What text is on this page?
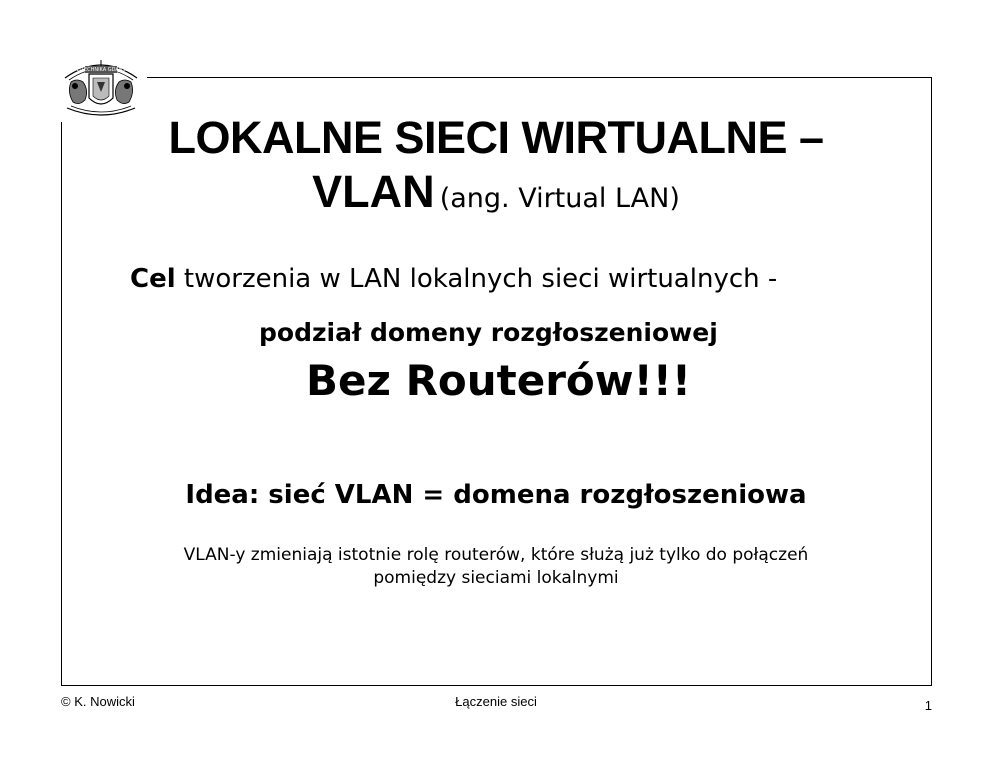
POLITECHNIKA GDAŃSKA
LOKALNE SIECI WIRTUALNE –
VLAN (ang. Virtual LAN)
Cel tworzenia w LAN lokalnych sieci wirtualnych -
podział domeny rozgłoszeniowej
Bez Routerów!!!
Idea: sieć VLAN = domena rozgłoszeniowa
VLAN-y zmieniają istotnie rolę routerów, które służą już tylko do połączeń
pomiędzy sieciami lokalnymi
© K. Nowicki	Łączenie sieci	1
